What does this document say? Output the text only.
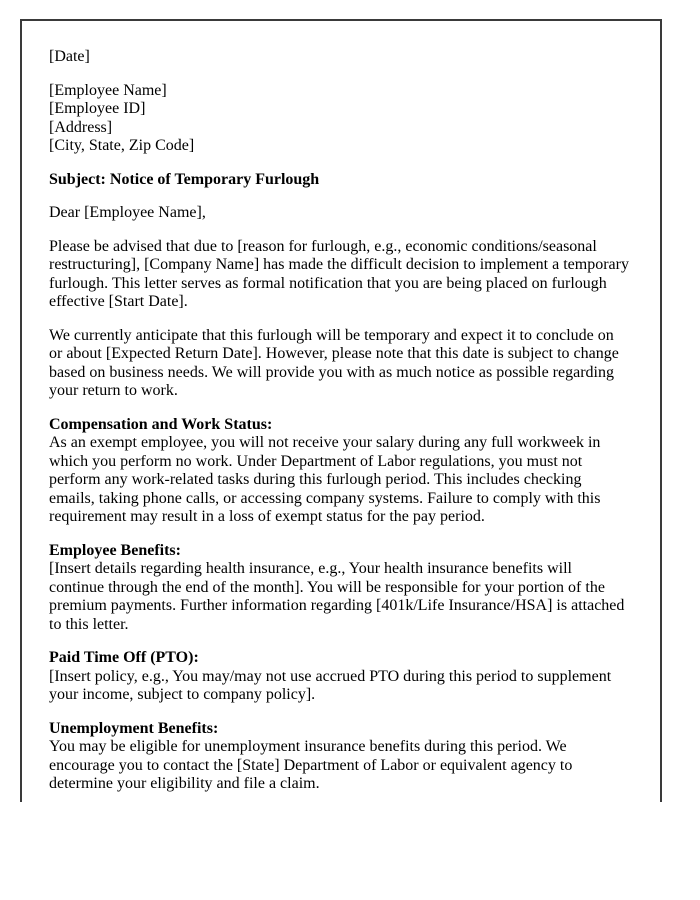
[Date]
[Employee Name]
[Employee ID]
[Address]
[City, State, Zip Code]
Subject: Notice of Temporary Furlough
Dear [Employee Name],
Please be advised that due to [reason for furlough, e.g., economic conditions/seasonal restructuring], [Company Name] has made the difficult decision to implement a temporary furlough. This letter serves as formal notification that you are being placed on furlough effective [Start Date].
We currently anticipate that this furlough will be temporary and expect it to conclude on or about [Expected Return Date]. However, please note that this date is subject to change based on business needs. We will provide you with as much notice as possible regarding your return to work.
Compensation and Work Status:
As an exempt employee, you will not receive your salary during any full workweek in which you perform no work. Under Department of Labor regulations, you must not perform any work-related tasks during this furlough period. This includes checking emails, taking phone calls, or accessing company systems. Failure to comply with this requirement may result in a loss of exempt status for the pay period.
Employee Benefits:
[Insert details regarding health insurance, e.g., Your health insurance benefits will continue through the end of the month]. You will be responsible for your portion of the premium payments. Further information regarding [401k/Life Insurance/HSA] is attached to this letter.
Paid Time Off (PTO):
[Insert policy, e.g., You may/may not use accrued PTO during this period to supplement your income, subject to company policy].
Unemployment Benefits:
You may be eligible for unemployment insurance benefits during this period. We encourage you to contact the [State] Department of Labor or equivalent agency to determine your eligibility and file a claim.
